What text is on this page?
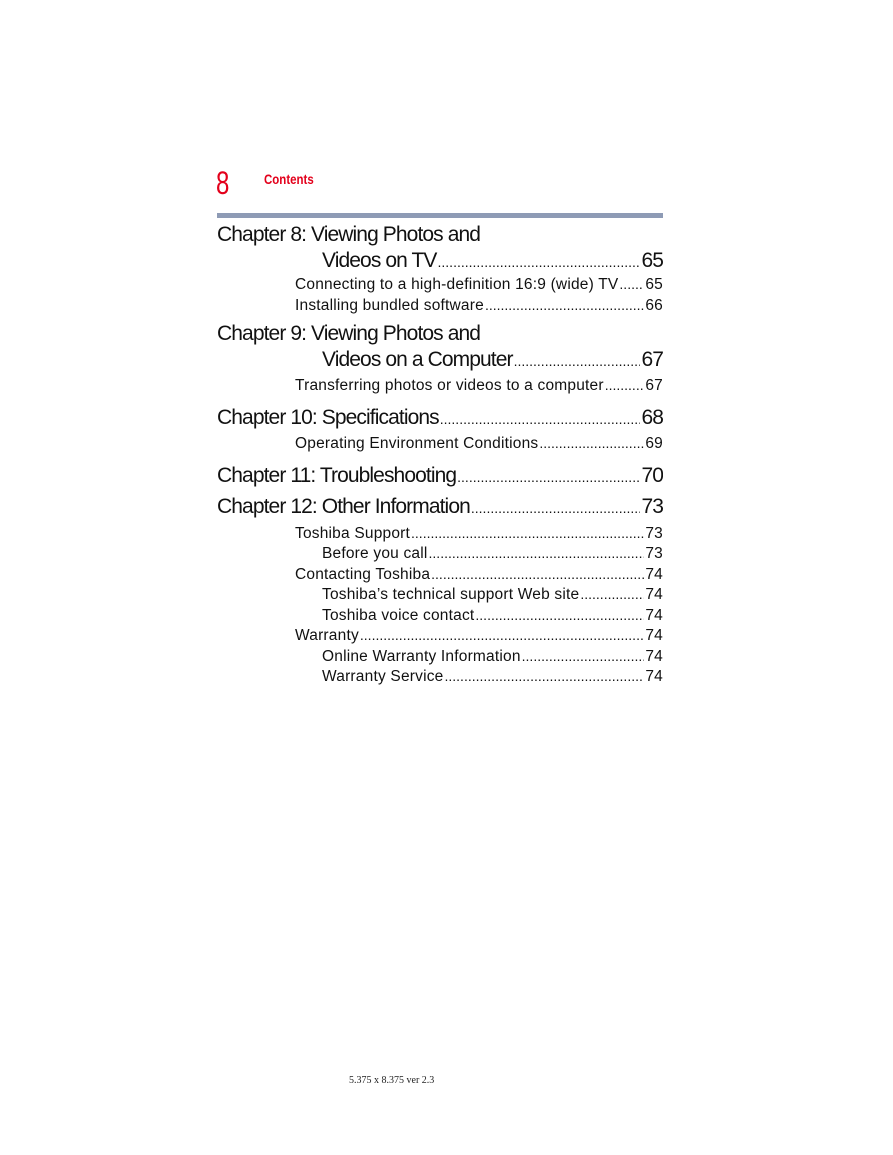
8 Contents
Chapter 8: Viewing Photos and
Videos on TV .....	65
Connecting to a high-definition 16:9 (wide) TV ..... 65
Installing bundled software .....	66
Chapter 9: Viewing Photos and
Videos on a Computer .....	67
Transferring photos or videos to a computer .....	67
Chapter 10: Specifications .....	68
Operating Environment Conditions .....	69
Chapter 11: Troubleshooting .....	70
Chapter 12: Other Information .....	73
Toshiba Support .....	73
Before you call .....	73
Contacting Toshiba .....	74
Toshiba’s technical support Web site .....	74
Toshiba voice contact .....	74
Warranty .....	74
Online Warranty Information .....	74
Warranty Service .....	74
5.375 x 8.375 ver 2.3
